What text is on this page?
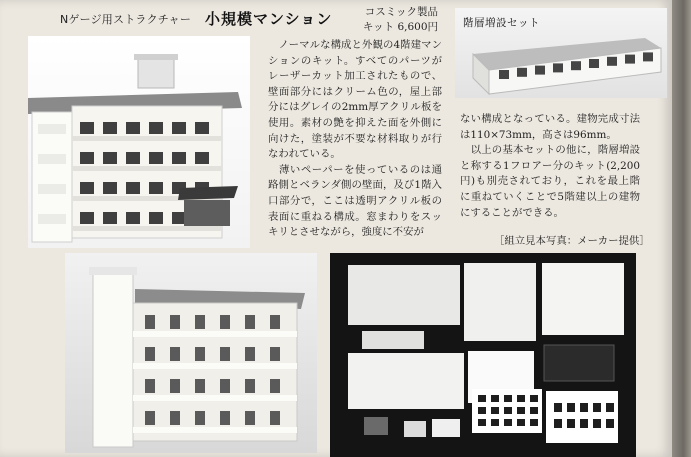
Nゲージ用ストラクチャー 小規模マンション	コスミック製品
キット 6,600円 階層増設セット

　ノーマルな構成と外観の4階建マンションのキット。すべてのパーツがレーザーカット加工されたもので、壁面部分にはクリーム色の，屋上部分にはグレイの2mm厚アクリル板を使用。素材の艶を抑えた面を外側に向けた，塗装が不要な材料取りが行なわれている。

　薄いペーパーを使っているのは通路側とベランダ側の壁面，及び1階入口部分で，ここは透明アクリル板の表面に重ねる構成。窓まわりをスッキリとさせながら，強度に不安が

ない構成となっている。建物完成寸法は110×73mm，高さは96mm。

　以上の基本セットの他に，階層増設と称する1フロアー分のキット(2,200円)も別売されており，これを最上階に重ねていくことで5階建以上の建物にすることができる。

［組立見本写真：メーカー提供］
